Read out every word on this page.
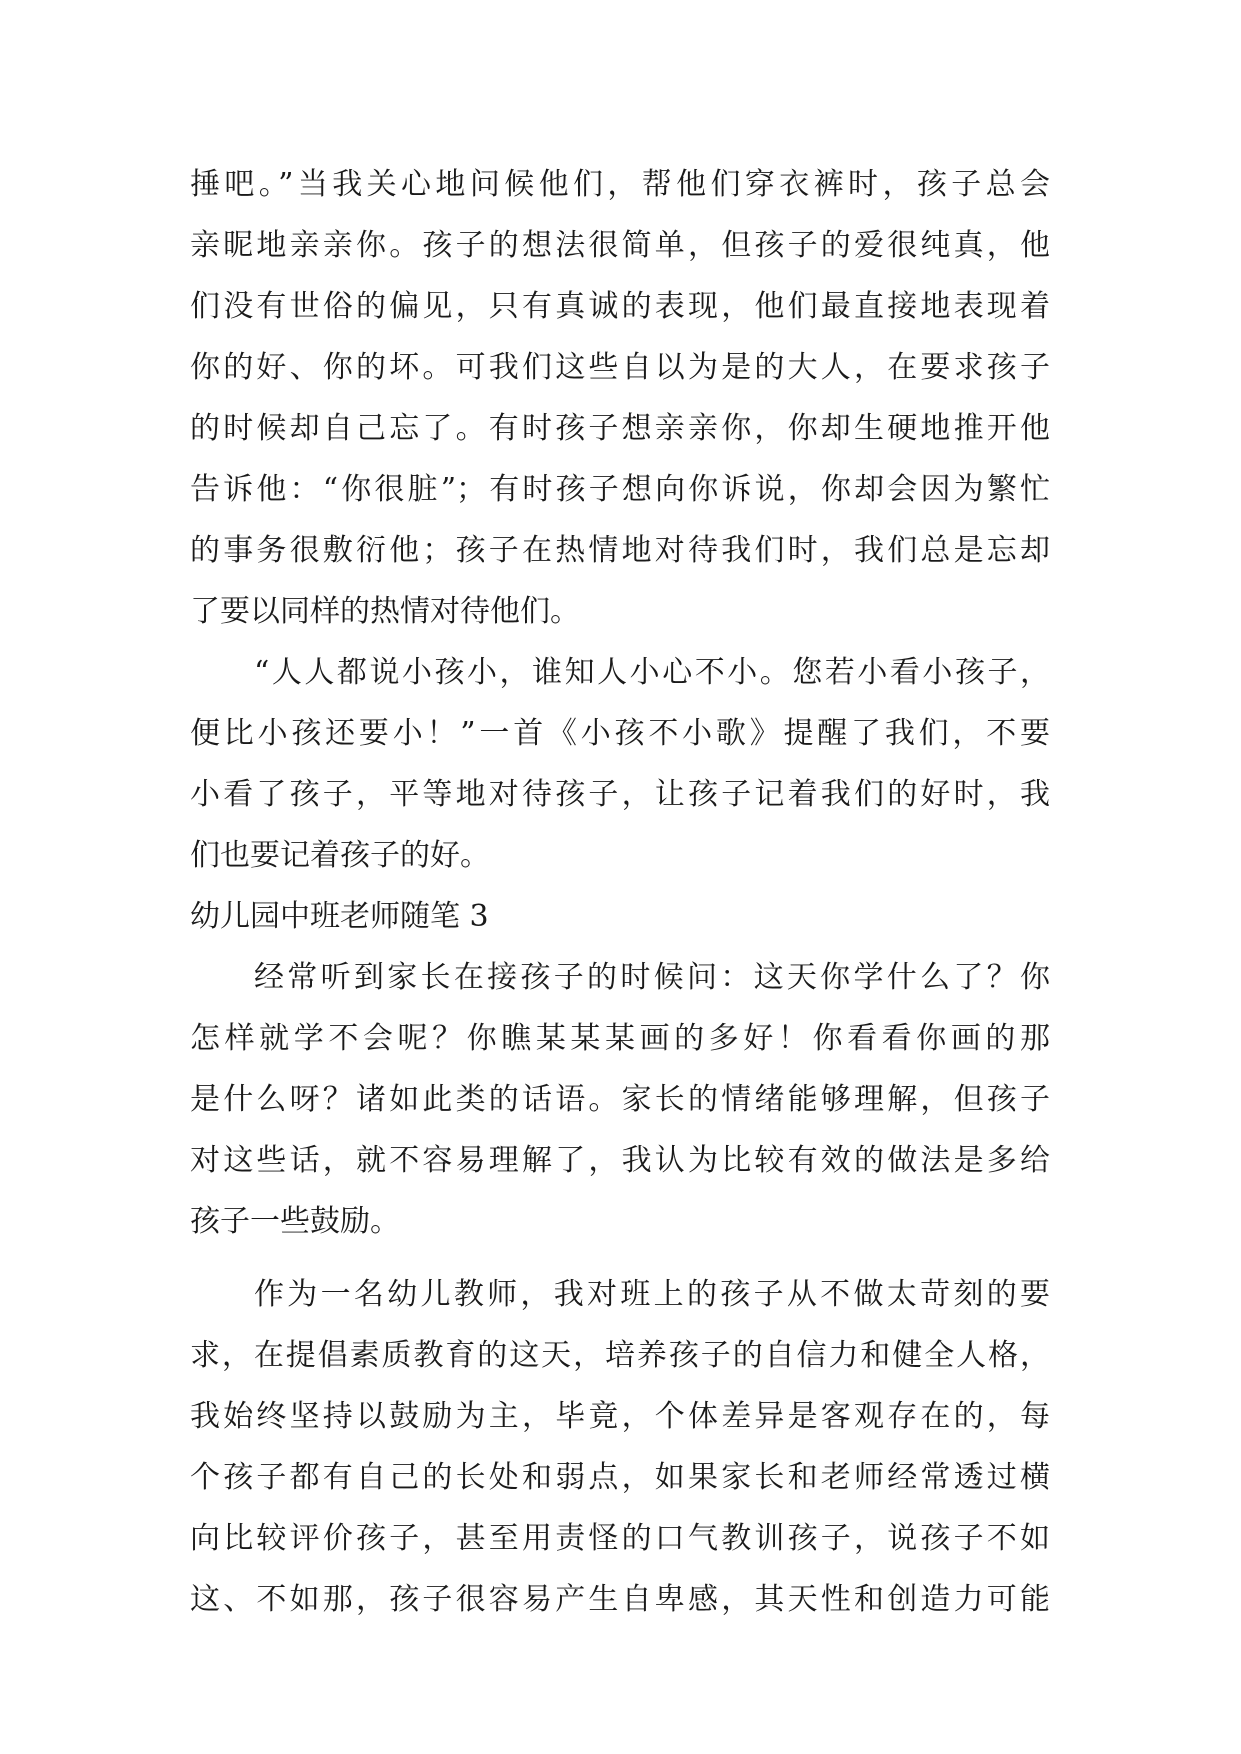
捶吧。”当我关心地问候他们，帮他们穿衣裤时，孩子总会
亲昵地亲亲你。孩子的想法很简单，但孩子的爱很纯真，他
们没有世俗的偏见，只有真诚的表现，他们最直接地表现着
你的好、你的坏。可我们这些自以为是的大人，在要求孩子
的时候却自己忘了。有时孩子想亲亲你，你却生硬地推开他
告诉他：“你很脏”；有时孩子想向你诉说，你却会因为繁忙
的事务很敷衍他；孩子在热情地对待我们时，我们总是忘却
了要以同样的热情对待他们。
“人人都说小孩小，谁知人小心不小。您若小看小孩子，
便比小孩还要小！”一首《小孩不小歌》提醒了我们，不要
小看了孩子，平等地对待孩子，让孩子记着我们的好时，我
们也要记着孩子的好。
幼儿园中班老师随笔 3
经常听到家长在接孩子的时候问：这天你学什么了？你
怎样就学不会呢？你瞧某某某画的多好！你看看你画的那
是什么呀？诸如此类的话语。家长的情绪能够理解，但孩子
对这些话，就不容易理解了，我认为比较有效的做法是多给
孩子一些鼓励。
作为一名幼儿教师，我对班上的孩子从不做太苛刻的要
求，在提倡素质教育的这天，培养孩子的自信力和健全人格，
我始终坚持以鼓励为主，毕竟，个体差异是客观存在的，每
个孩子都有自己的长处和弱点，如果家长和老师经常透过横
向比较评价孩子，甚至用责怪的口气教训孩子，说孩子不如
这、不如那，孩子很容易产生自卑感，其天性和创造力可能
